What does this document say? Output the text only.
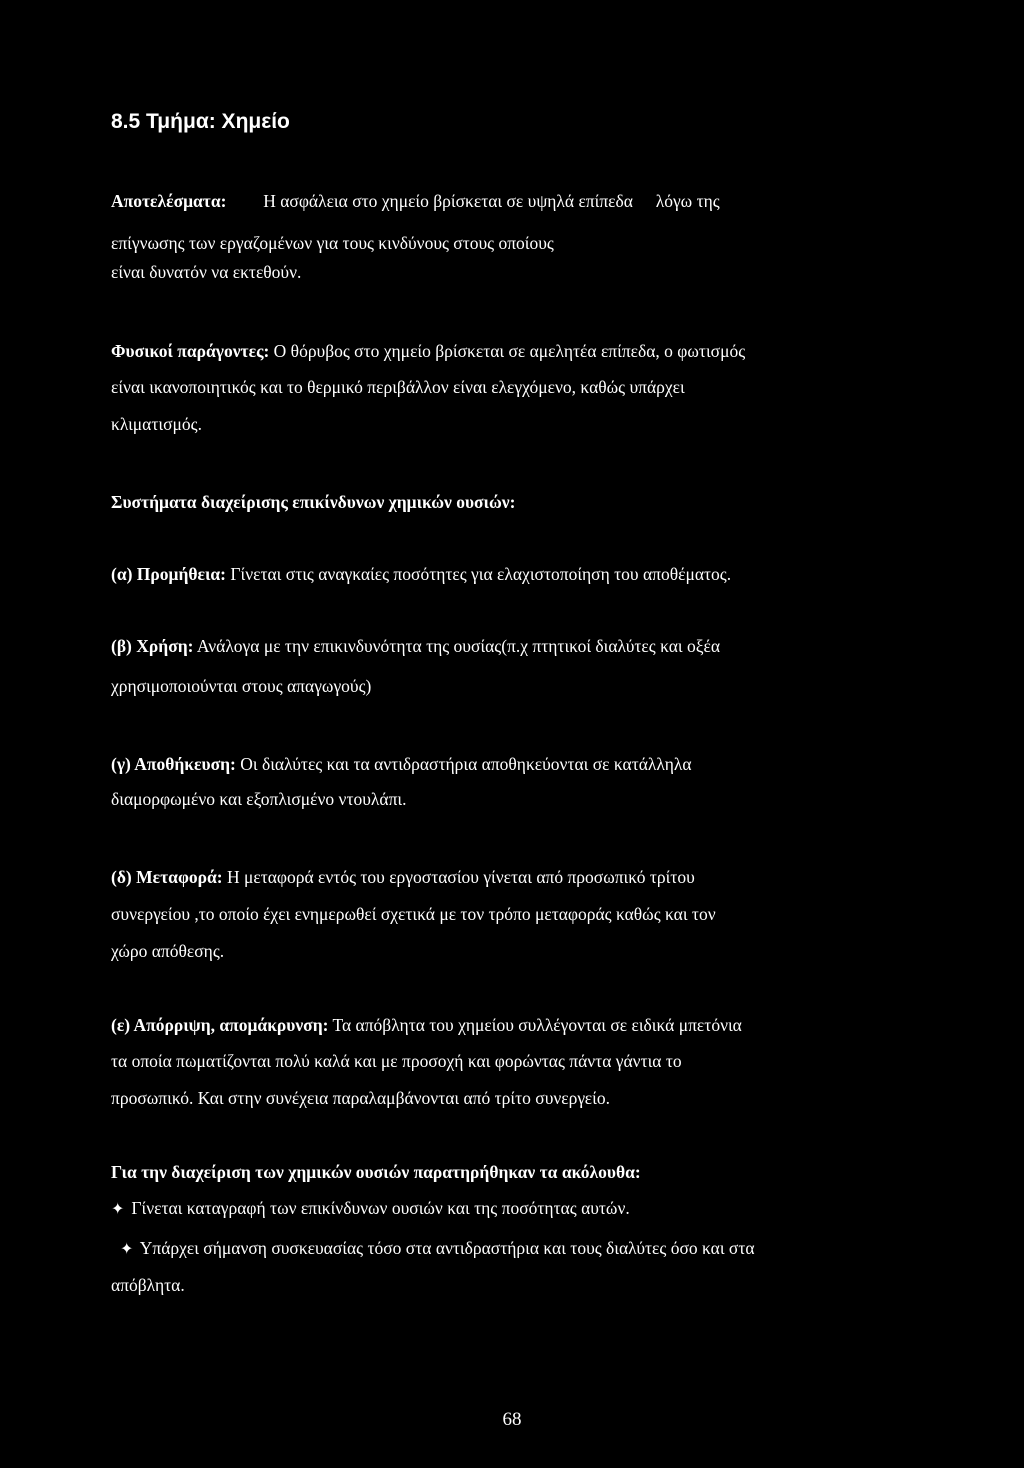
8.5 Τμήμα: Χημείο
Αποτελέσματα: Η ασφάλεια στο χημείο βρίσκεται σε υψηλά επίπεδα λόγω της
επίγνωσης των εργαζομένων για τους κινδύνους στους οποίους
είναι δυνατόν να εκτεθούν.
Φυσικοί παράγοντες: Ο θόρυβος στο χημείο βρίσκεται σε αμελητέα επίπεδα, ο φωτισμός
είναι ικανοποιητικός και το θερμικό περιβάλλον είναι ελεγχόμενο, καθώς υπάρχει
κλιματισμός.
Συστήματα διαχείρισης επικίνδυνων χημικών ουσιών:
(α) Προμήθεια: Γίνεται στις αναγκαίες ποσότητες για ελαχιστοποίηση του αποθέματος.
(β) Χρήση: Ανάλογα με την επικινδυνότητα της ουσίας(π.χ πτητικοί διαλύτες και οξέα
χρησιμοποιούνται στους απαγωγούς)
(γ) Αποθήκευση: Οι διαλύτες και τα αντιδραστήρια αποθηκεύονται σε κατάλληλα
διαμορφωμένο και εξοπλισμένο ντουλάπι.
(δ) Μεταφορά: Η μεταφορά εντός του εργοστασίου γίνεται από προσωπικό τρίτου
συνεργείου ,το οποίο έχει ενημερωθεί σχετικά με τον τρόπο μεταφοράς καθώς και τον
χώρο απόθεσης.
(ε) Απόρριψη, απομάκρυνση: Τα απόβλητα του χημείου συλλέγονται σε ειδικά μπετόνια
τα οποία πωματίζονται πολύ καλά και με προσοχή και φορώντας πάντα γάντια το
προσωπικό. Και στην συνέχεια παραλαμβάνονται από τρίτο συνεργείο.
Για την διαχείριση των χημικών ουσιών παρατηρήθηκαν τα ακόλουθα:
✦ Γίνεται καταγραφή των επικίνδυνων ουσιών και της ποσότητας αυτών.
✦ Υπάρχει σήμανση συσκευασίας τόσο στα αντιδραστήρια και τους διαλύτες όσο και στα
απόβλητα.
68
